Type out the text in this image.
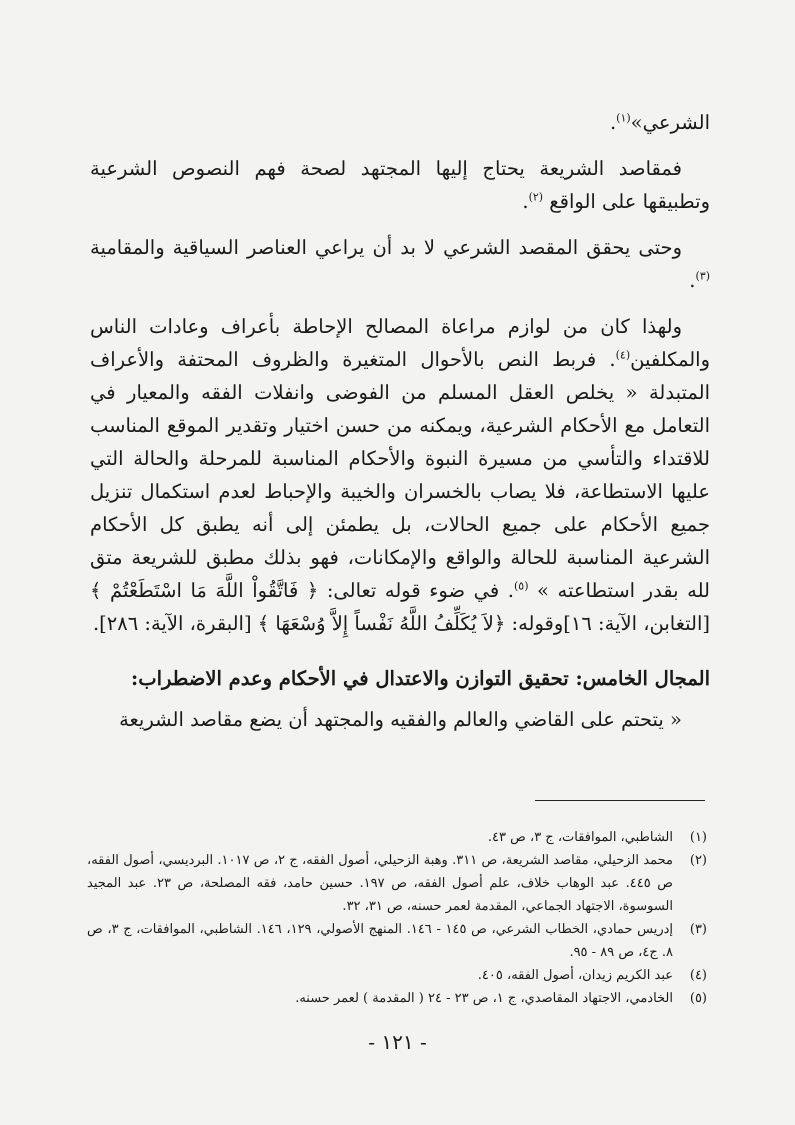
الشرعي»$^{(١)}$.

فمقاصد الشريعة يحتاج إليها المجتهد لصحة فهم النصوص الشرعية وتطبيقها على الواقع $^{(٢)}$.

وحتى يحقق المقصد الشرعي لا بد أن يراعي العناصر السياقية والمقامية $^{(٣)}$.

ولهذا كان من لوازم مراعاة المصالح الإحاطة بأعراف وعادات الناس والمكلفين$^{(٤)}$. فربط النص بالأحوال المتغيرة والظروف المحتفة والأعراف المتبدلة « يخلص العقل المسلم من الفوضى وانفلات الفقه والمعيار في التعامل مع الأحكام الشرعية، ويمكنه من حسن اختيار وتقدير الموقع المناسب للاقتداء والتأسي من مسيرة النبوة والأحكام المناسبة للمرحلة والحالة التي عليها الاستطاعة، فلا يصاب بالخسران والخيبة والإحباط لعدم استكمال تنزيل جميع الأحكام على جميع الحالات، بل يطمئن إلى أنه يطبق كل الأحكام الشرعية المناسبة للحالة والواقع والإمكانات، فهو بذلك مطبق للشريعة متق لله بقدر استطاعته » $^{(٥)}$. في ضوء قوله تعالى: ﴿ فَاتَّقُواْ اللَّهَ مَا اسْتَطَعْتُمْ ﴾ [التغابن، الآية: ١٦]وقوله: ﴿لاَ يُكَلِّفُ اللَّهُ نَفْساً إِلاَّ وُسْعَهَا ﴾ [البقرة، الآية: ٢٨٦].

المجال الخامس: تحقيق التوازن والاعتدال في الأحكام وعدم الاضطراب:

« يتحتم على القاضي والعالم والفقيه والمجتهد أن يضع مقاصد الشريعة

(١)
الشاطبي، الموافقات، ج ٣، ص ٤٣.
(٢)
محمد الزحيلي، مقاصد الشريعة، ص ٣١١. وهبة الزحيلي، أصول الفقه، ج ٢، ص ١٠١٧. البرديسي، أصول الفقه، ص ٤٤٥. عبد الوهاب خلاف، علم أصول الفقه، ص ١٩٧. حسين حامد، فقه المصلحة، ص ٢٣. عبد المجيد السوسوة، الاجتهاد الجماعي، المقدمة لعمر حسنه، ص ٣١، ٣٢.
(٣)
إدريس حمادي، الخطاب الشرعي، ص ١٤٥ - ١٤٦. المنهج الأصولي، ١٢٩، ١٤٦. الشاطبي، الموافقات، ج ٣، ص ٨. ج٤، ص ٨٩ - ٩٥.
(٤)
عبد الكريم زيدان، أصول الفقه، ٤٠٥.
(٥)
الخادمي، الاجتهاد المقاصدي، ج ١، ص ٢٣ - ٢٤ ( المقدمة ) لعمر حسنه.
- ١٢١ -
